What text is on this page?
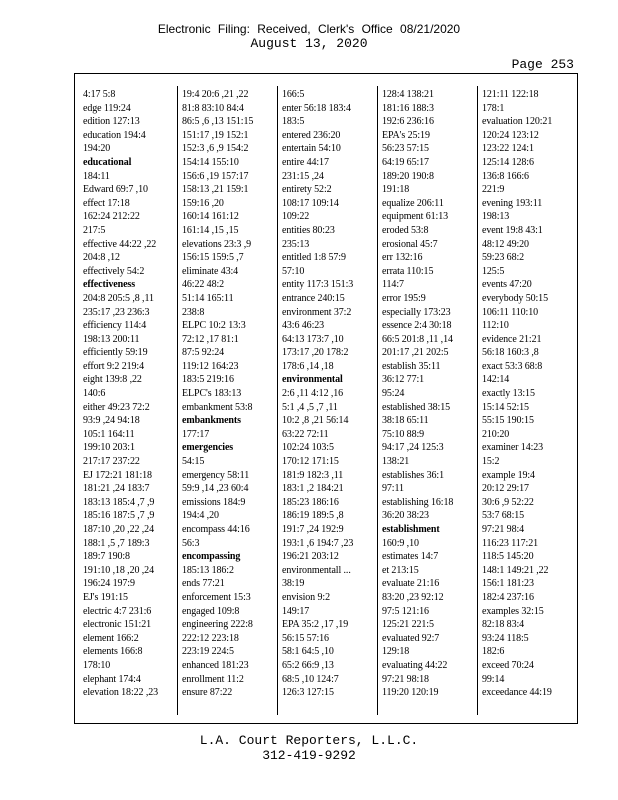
Electronic Filing: Received, Clerk's Office 08/21/2020
August 13, 2020
Page 253
4:17 5:8
edge 119:24
edition 127:13
education 194:4
194:20
educational
184:11
Edward 69:7 ,10
effect 17:18
162:24 212:22
217:5
effective 44:22 ,22
204:8 ,12
effectively 54:2
effectiveness
204:8 205:5 ,8 ,11
235:17 ,23 236:3
efficiency 114:4
198:13 200:11
efficiently 59:19
effort 9:2 219:4
eight 139:8 ,22
140:6
either 49:23 72:2
93:9 ,24 94:18
105:1 164:11
199:10 203:1
217:17 237:22
EJ 172:21 181:18
181:21 ,24 183:7
183:13 185:4 ,7 ,9
185:16 187:5 ,7 ,9
187:10 ,20 ,22 ,24
188:1 ,5 ,7 189:3
189:7 190:8
191:10 ,18 ,20 ,24
196:24 197:9
EJ's 191:15
electric 4:7 231:6
electronic 151:21
element 166:2
elements 166:8
178:10
elephant 174:4
elevation 18:22 ,23
19:4 20:6 ,21 ,22
81:8 83:10 84:4
86:5 ,6 ,13 151:15
151:17 ,19 152:1
152:3 ,6 ,9 154:2
154:14 155:10
156:6 ,19 157:17
158:13 ,21 159:1
159:16 ,20
160:14 161:12
161:14 ,15 ,15
elevations 23:3 ,9
156:15 159:5 ,7
eliminate 43:4
46:22 48:2
51:14 165:11
238:8
ELPC 10:2 13:3
72:12 ,17 81:1
87:5 92:24
119:12 164:23
183:5 219:16
ELPC's 183:13
embankment 53:8
embankments
177:17
emergencies
54:15
emergency 58:11
59:9 ,14 ,23 60:4
emissions 184:9
194:4 ,20
encompass 44:16
56:3
encompassing
185:13 186:2
ends 77:21
enforcement 15:3
engaged 109:8
engineering 222:8
222:12 223:18
223:19 224:5
enhanced 181:23
enrollment 11:2
ensure 87:22
166:5
enter 56:18 183:4
183:5
entered 236:20
entertain 54:10
entire 44:17
231:15 ,24
entirety 52:2
108:17 109:14
109:22
entities 80:23
235:13
entitled 1:8 57:9
57:10
entity 117:3 151:3
entrance 240:15
environment 37:2
43:6 46:23
64:13 173:7 ,10
173:17 ,20 178:2
178:6 ,14 ,18
environmental
2:6 ,11 4:12 ,16
5:1 ,4 ,5 ,7 ,11
10:2 ,8 ,21 56:14
63:22 72:11
102:24 103:5
170:12 171:15
181:9 182:3 ,11
183:1 ,2 184:21
185:23 186:16
186:19 189:5 ,8
191:7 ,24 192:9
193:1 ,6 194:7 ,23
196:21 203:12
environmentall ...
38:19
envision 9:2
149:17
EPA 35:2 ,17 ,19
56:15 57:16
58:1 64:5 ,10
65:2 66:9 ,13
68:5 ,10 124:7
126:3 127:15
128:4 138:21
181:16 188:3
192:6 236:16
EPA's 25:19
56:23 57:15
64:19 65:17
189:20 190:8
191:18
equalize 206:11
equipment 61:13
eroded 53:8
erosional 45:7
err 132:16
errata 110:15
114:7
error 195:9
especially 173:23
essence 2:4 30:18
66:5 201:8 ,11 ,14
201:17 ,21 202:5
establish 35:11
36:12 77:1
95:24
established 38:15
38:18 65:11
75:10 88:9
94:17 ,24 125:3
138:21
establishes 36:1
97:11
establishing 16:18
36:20 38:23
establishment
160:9 ,10
estimates 14:7
et 213:15
evaluate 21:16
83:20 ,23 92:12
97:5 121:16
125:21 221:5
evaluated 92:7
129:18
evaluating 44:22
97:21 98:18
119:20 120:19
121:11 122:18
178:1
evaluation 120:21
120:24 123:12
123:22 124:1
125:14 128:6
136:8 166:6
221:9
evening 193:11
198:13
event 19:8 43:1
48:12 49:20
59:23 68:2
125:5
events 47:20
everybody 50:15
106:11 110:10
112:10
evidence 21:21
56:18 160:3 ,8
exact 53:3 68:8
142:14
exactly 13:15
15:14 52:15
55:15 190:15
210:20
examiner 14:23
15:2
example 19:4
20:12 29:17
30:6 ,9 52:22
53:7 68:15
97:21 98:4
116:23 117:21
118:5 145:20
148:1 149:21 ,22
156:1 181:23
182:4 237:16
examples 32:15
82:18 83:4
93:24 118:5
182:6
exceed 70:24
99:14
exceedance 44:19
L.A. Court Reporters, L.L.C.
312-419-9292
